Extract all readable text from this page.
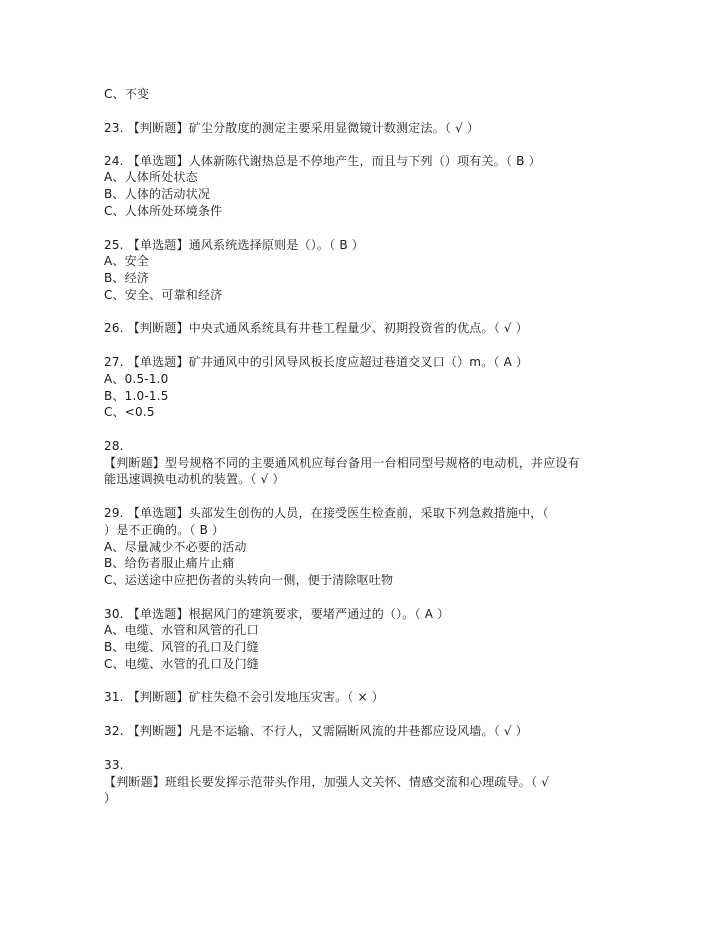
C、不变
23. 【判断题】矿尘分散度的测定主要采用显微镜计数测定法。（ √ ）
24. 【单选题】人体新陈代谢热总是不停地产生，而且与下列（）项有关。（ B ）
A、人体所处状态
B、人体的活动状况
C、人体所处环境条件
25. 【单选题】通风系统选择原则是（）。（ B ）
A、安全
B、经济
C、安全、可靠和经济
26. 【判断题】中央式通风系统具有井巷工程量少、初期投资省的优点。（ √ ）
27. 【单选题】矿井通风中的引风导风板长度应超过巷道交叉口（）m。（ A ）
A、0.5-1.0
B、1.0-1.5
C、<0.5
28.
【判断题】型号规格不同的主要通风机应每台备用一台相同型号规格的电动机，并应设有
能迅速调换电动机的装置。（ √ ）
29. 【单选题】头部发生创伤的人员，在接受医生检查前，采取下列急救措施中，（
）是不正确的。（ B ）
A、尽量减少不必要的活动
B、给伤者服止痛片止痛
C、运送途中应把伤者的头转向一侧，便于清除呕吐物
30. 【单选题】根据风门的建筑要求，要堵严通过的（）。（ A ）
A、电缆、水管和风管的孔口
B、电缆、风管的孔口及门缝
C、电缆、水管的孔口及门缝
31. 【判断题】矿柱失稳不会引发地压灾害。（ × ）
32. 【判断题】凡是不运输、不行人，又需隔断风流的井巷都应设风墙。（ √ ）
33.
【判断题】班组长要发挥示范带头作用，加强人文关怀、情感交流和心理疏导。（ √
）
